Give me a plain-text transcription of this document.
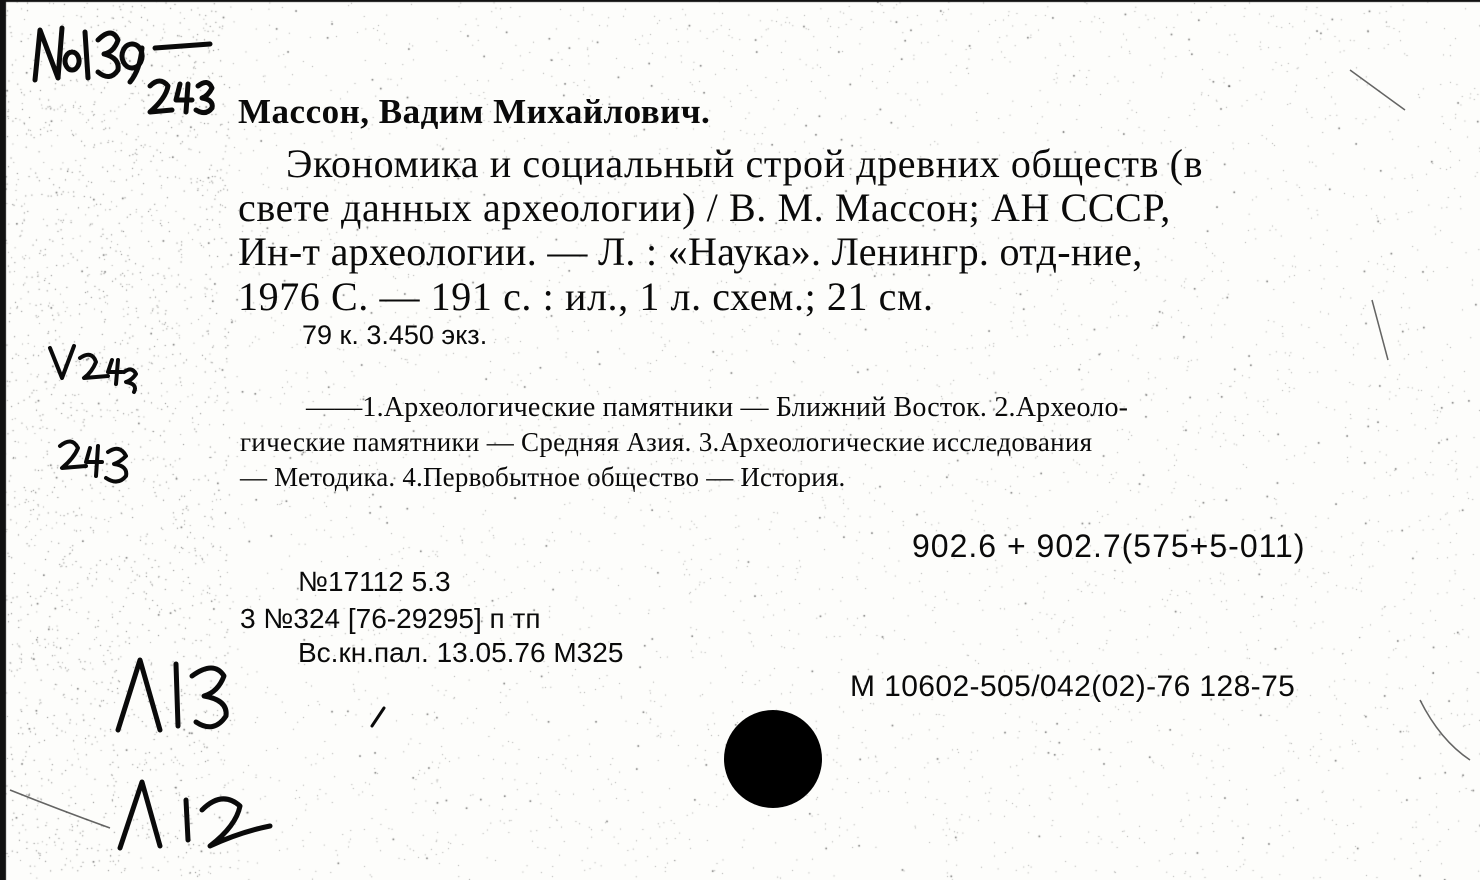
Массон, Вадим Михайлович.
Экономика и социальный строй древних обществ (в
свете данных археологии) / В. М. Массон; АН СССР,
Ин-т археологии. — Л. : «Наука». Ленингр. отд-ние,
1976 С. — 191 с. : ил., 1 л. схем.; 21 см.
79 к. 3.450 экз.
——1.Археологические памятники — Ближний Восток. 2.Археоло-
гические пaмятники — Средняя Азия. 3.Археологические исследования
— Методика. 4.Первобытное общество — История.
902.6 + 902.7(575+5-011)
№17112 5.3
3 №324 [76-29295] п тп
Вс.кн.пал. 13.05.76 М325
М 10602-505/042(02)-76 128-75
